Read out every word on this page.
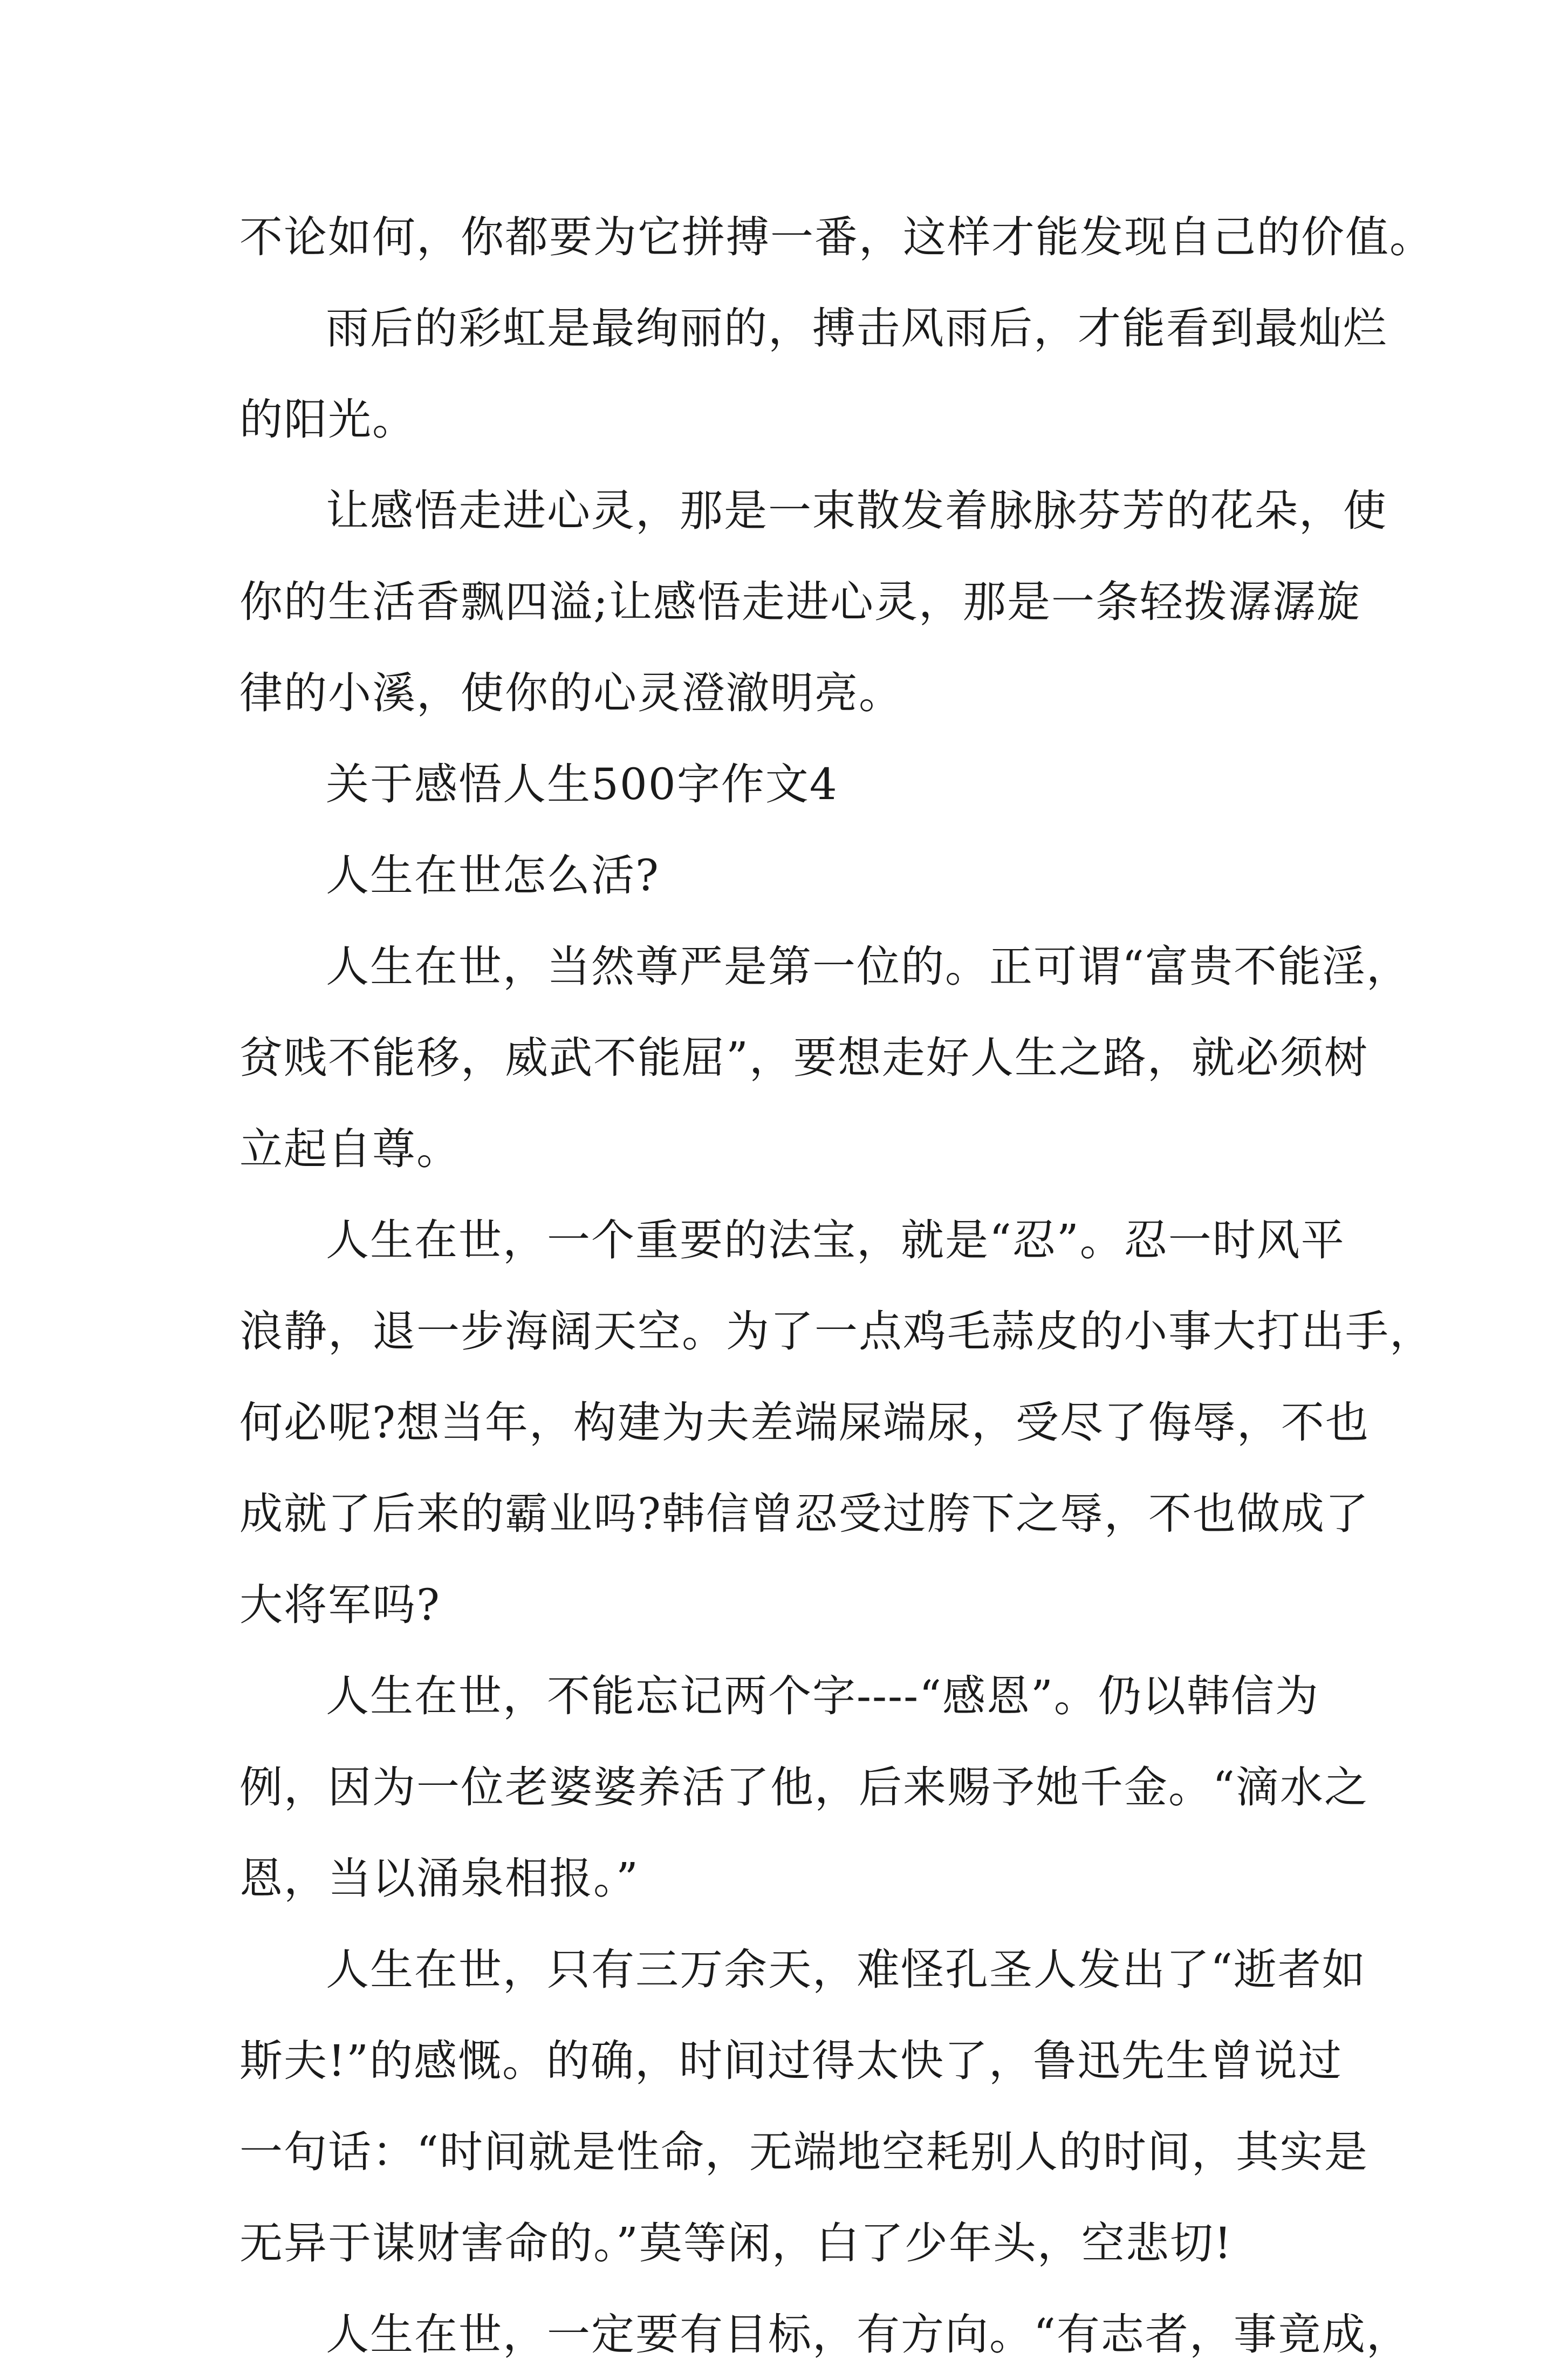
不论如何，你都要为它拼搏一番，这样才能发现自己的价值。
雨后的彩虹是最绚丽的，搏击风雨后，才能看到最灿烂
的阳光。
让感悟走进心灵，那是一束散发着脉脉芬芳的花朵，使
你的生活香飘四溢;让感悟走进心灵，那是一条轻拨潺潺旋
律的小溪，使你的心灵澄澈明亮。
关于感悟人生500字作文4
人生在世怎么活?
人生在世，当然尊严是第一位的。正可谓“富贵不能淫，
贫贱不能移，威武不能屈”，要想走好人生之路，就必须树
立起自尊。
人生在世，一个重要的法宝，就是“忍”。忍一时风平
浪静，退一步海阔天空。为了一点鸡毛蒜皮的小事大打出手，
何必呢?想当年，构建为夫差端屎端尿，受尽了侮辱，不也
成就了后来的霸业吗?韩信曾忍受过胯下之辱，不也做成了
大将军吗?
人生在世，不能忘记两个字----“感恩”。仍以韩信为
例，因为一位老婆婆养活了他，后来赐予她千金。“滴水之
恩，当以涌泉相报。”
人生在世，只有三万余天，难怪孔圣人发出了“逝者如
斯夫!”的感慨。的确，时间过得太快了，鲁迅先生曾说过
一句话：“时间就是性命，无端地空耗别人的时间，其实是
无异于谋财害命的。”莫等闲，白了少年头，空悲切!
人生在世，一定要有目标，有方向。“有志者，事竟成，
